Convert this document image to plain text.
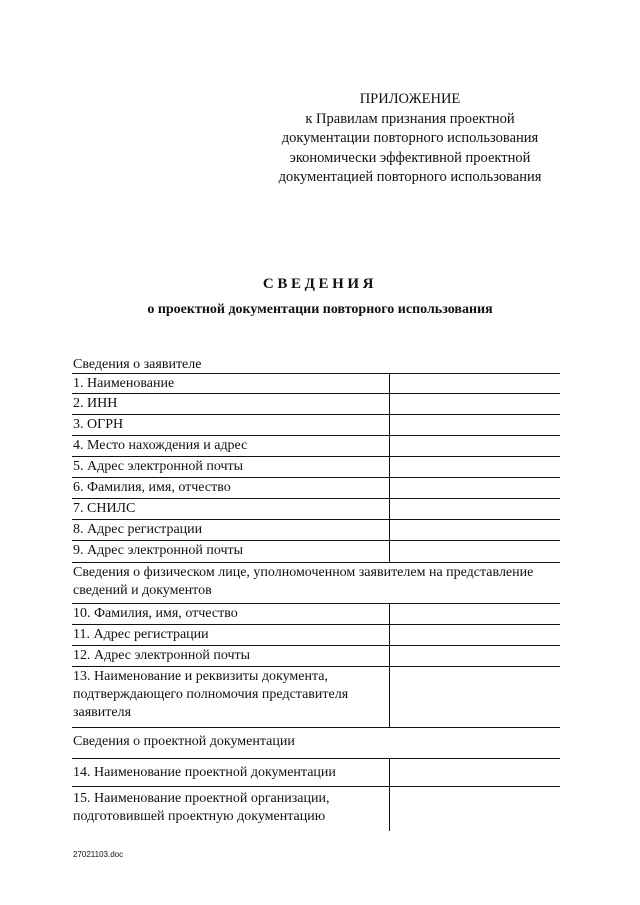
ПРИЛОЖЕНИЕ
к Правилам признания проектной
документации повторного использования
экономически эффективной проектной
документацией повторного использования
СВЕДЕНИЯ
о проектной документации повторного использования
Сведения о заявителе
1. Наименование
2. ИНН
3. ОГРН
4. Место нахождения и адрес
5. Адрес электронной почты
6. Фамилия, имя, отчество
7. СНИЛС
8. Адрес регистрации
9. Адрес электронной почты
Сведения о физическом лице, уполномоченном заявителем на представление сведений и документов
10. Фамилия, имя, отчество
11. Адрес регистрации
12. Адрес электронной почты
13. Наименование и реквизиты документа, подтверждающего полномочия представителя заявителя
Сведения о проектной документации
14. Наименование проектной документации
15. Наименование проектной организации, подготовившей проектную документацию
27021103.doc
